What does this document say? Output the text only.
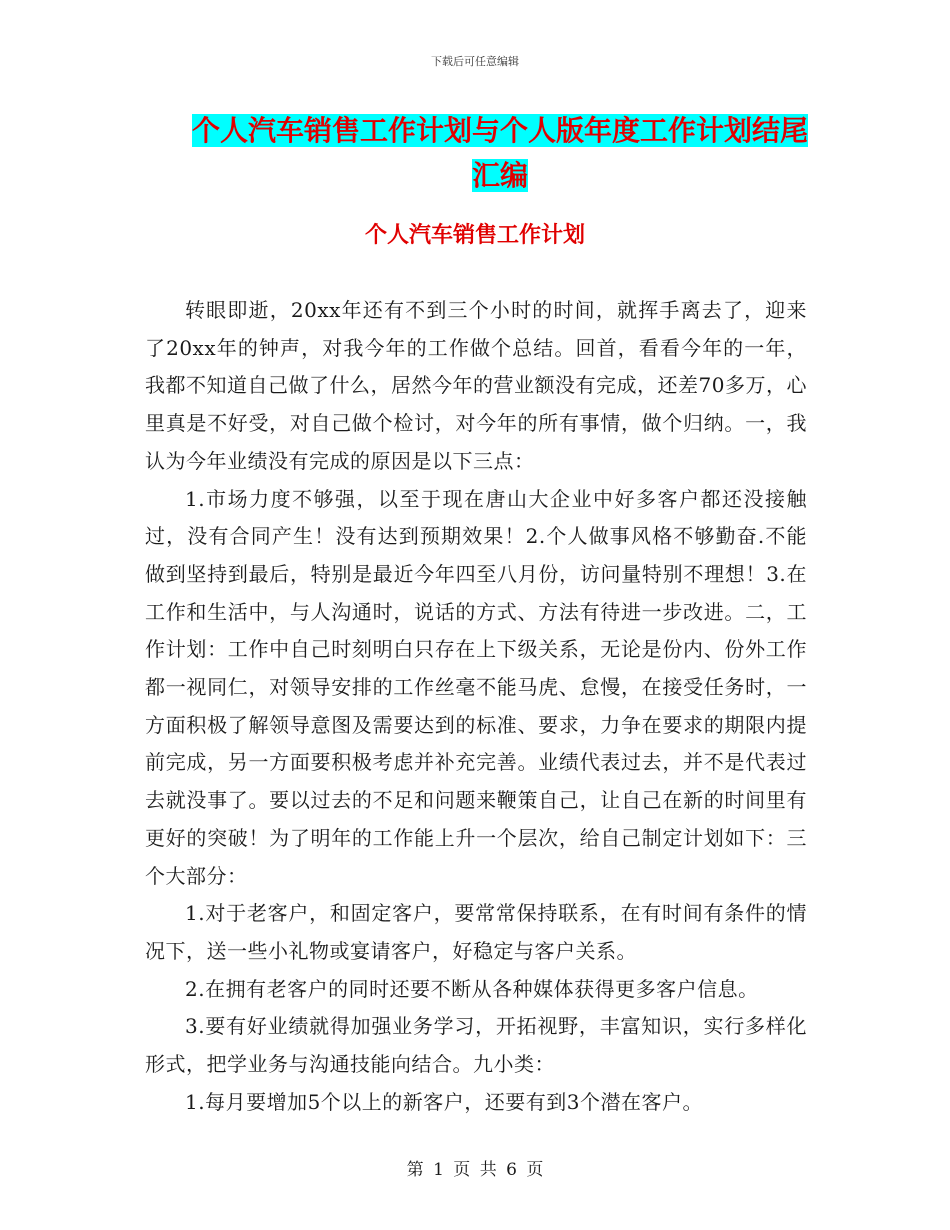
下载后可任意编辑
个人汽车销售工作计划与个人版年度工作计划结尾汇编
个人汽车销售工作计划

转眼即逝，20xx年还有不到三个小时的时间，就挥手离去了，迎来了20xx年的钟声，对我今年的工作做个总结。回首，看看今年的一年，我都不知道自己做了什么，居然今年的营业额没有完成，还差70多万，心里真是不好受，对自己做个检讨，对今年的所有事情，做个归纳。一，我认为今年业绩没有完成的原因是以下三点：

1.市场力度不够强，以至于现在唐山大企业中好多客户都还没接触过，没有合同产生！没有达到预期效果！2.个人做事风格不够勤奋.不能做到坚持到最后，特别是最近今年四至八月份，访问量特别不理想！3.在工作和生活中，与人沟通时，说话的方式、方法有待进一步改进。二，工作计划：工作中自己时刻明白只存在上下级关系，无论是份内、份外工作都一视同仁，对领导安排的工作丝毫不能马虎、怠慢，在接受任务时，一方面积极了解领导意图及需要达到的标准、要求，力争在要求的期限内提前完成，另一方面要积极考虑并补充完善。业绩代表过去，并不是代表过去就没事了。要以过去的不足和问题来鞭策自己，让自己在新的时间里有更好的突破！为了明年的工作能上升一个层次，给自己制定计划如下：三个大部分：

1.对于老客户，和固定客户，要常常保持联系，在有时间有条件的情况下，送一些小礼物或宴请客户，好稳定与客户关系。

2.在拥有老客户的同时还要不断从各种媒体获得更多客户信息。

3.要有好业绩就得加强业务学习，开拓视野，丰富知识，实行多样化形式，把学业务与沟通技能向结合。九小类：

1.每月要增加5个以上的新客户，还要有到3个潜在客户。

第 1 页 共 6 页
